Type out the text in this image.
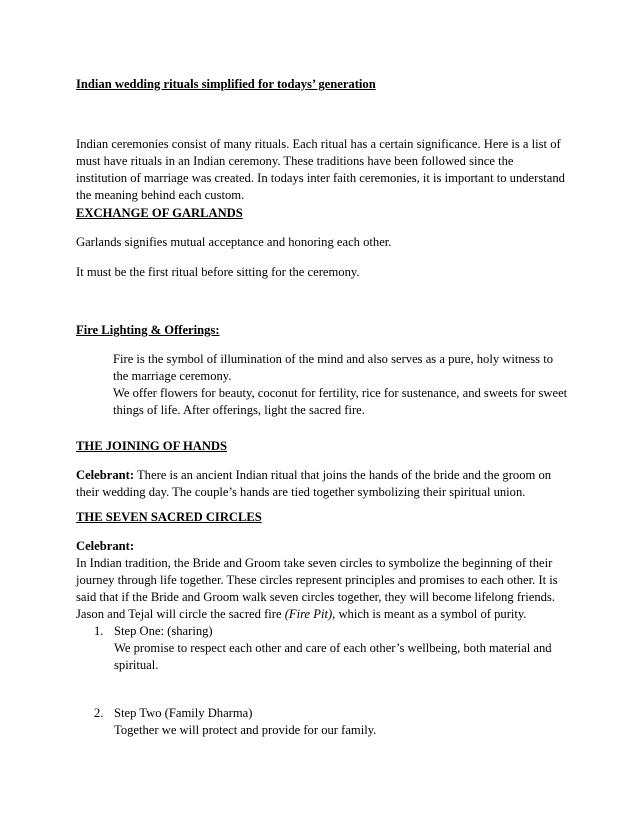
Indian wedding rituals simplified for todays’ generation

Indian ceremonies consist of many rituals. Each ritual has a certain significance. Here is a list of must have rituals in an Indian ceremony. These traditions have been followed since the institution of marriage was created. In todays inter faith ceremonies, it is important to understand the meaning behind each custom.

EXCHANGE OF GARLANDS

Garlands signifies mutual acceptance and honoring each other.

It must be the first ritual before sitting for the ceremony.

Fire Lighting & Offerings:

Fire is the symbol of illumination of the mind and also serves as a pure, holy witness to the marriage ceremony.

We offer flowers for beauty, coconut for fertility, rice for sustenance, and sweets for sweet things of life. After offerings, light the sacred fire.

THE JOINING OF HANDS

Celebrant: There is an ancient Indian ritual that joins the hands of the bride and the groom on their wedding day. The couple’s hands are tied together symbolizing their spiritual union.

THE SEVEN SACRED CIRCLES

Celebrant:

In Indian tradition, the Bride and Groom take seven circles to symbolize the beginning of their journey through life together. These circles represent principles and promises to each other. It is said that if the Bride and Groom walk seven circles together, they will become lifelong friends. Jason and Tejal will circle the sacred fire (Fire Pit), which is meant as a symbol of purity.

1. Step One: (sharing)

We promise to respect each other and care of each other’s wellbeing, both material and spiritual.

2. Step Two (Family Dharma)

Together we will protect and provide for our family.
